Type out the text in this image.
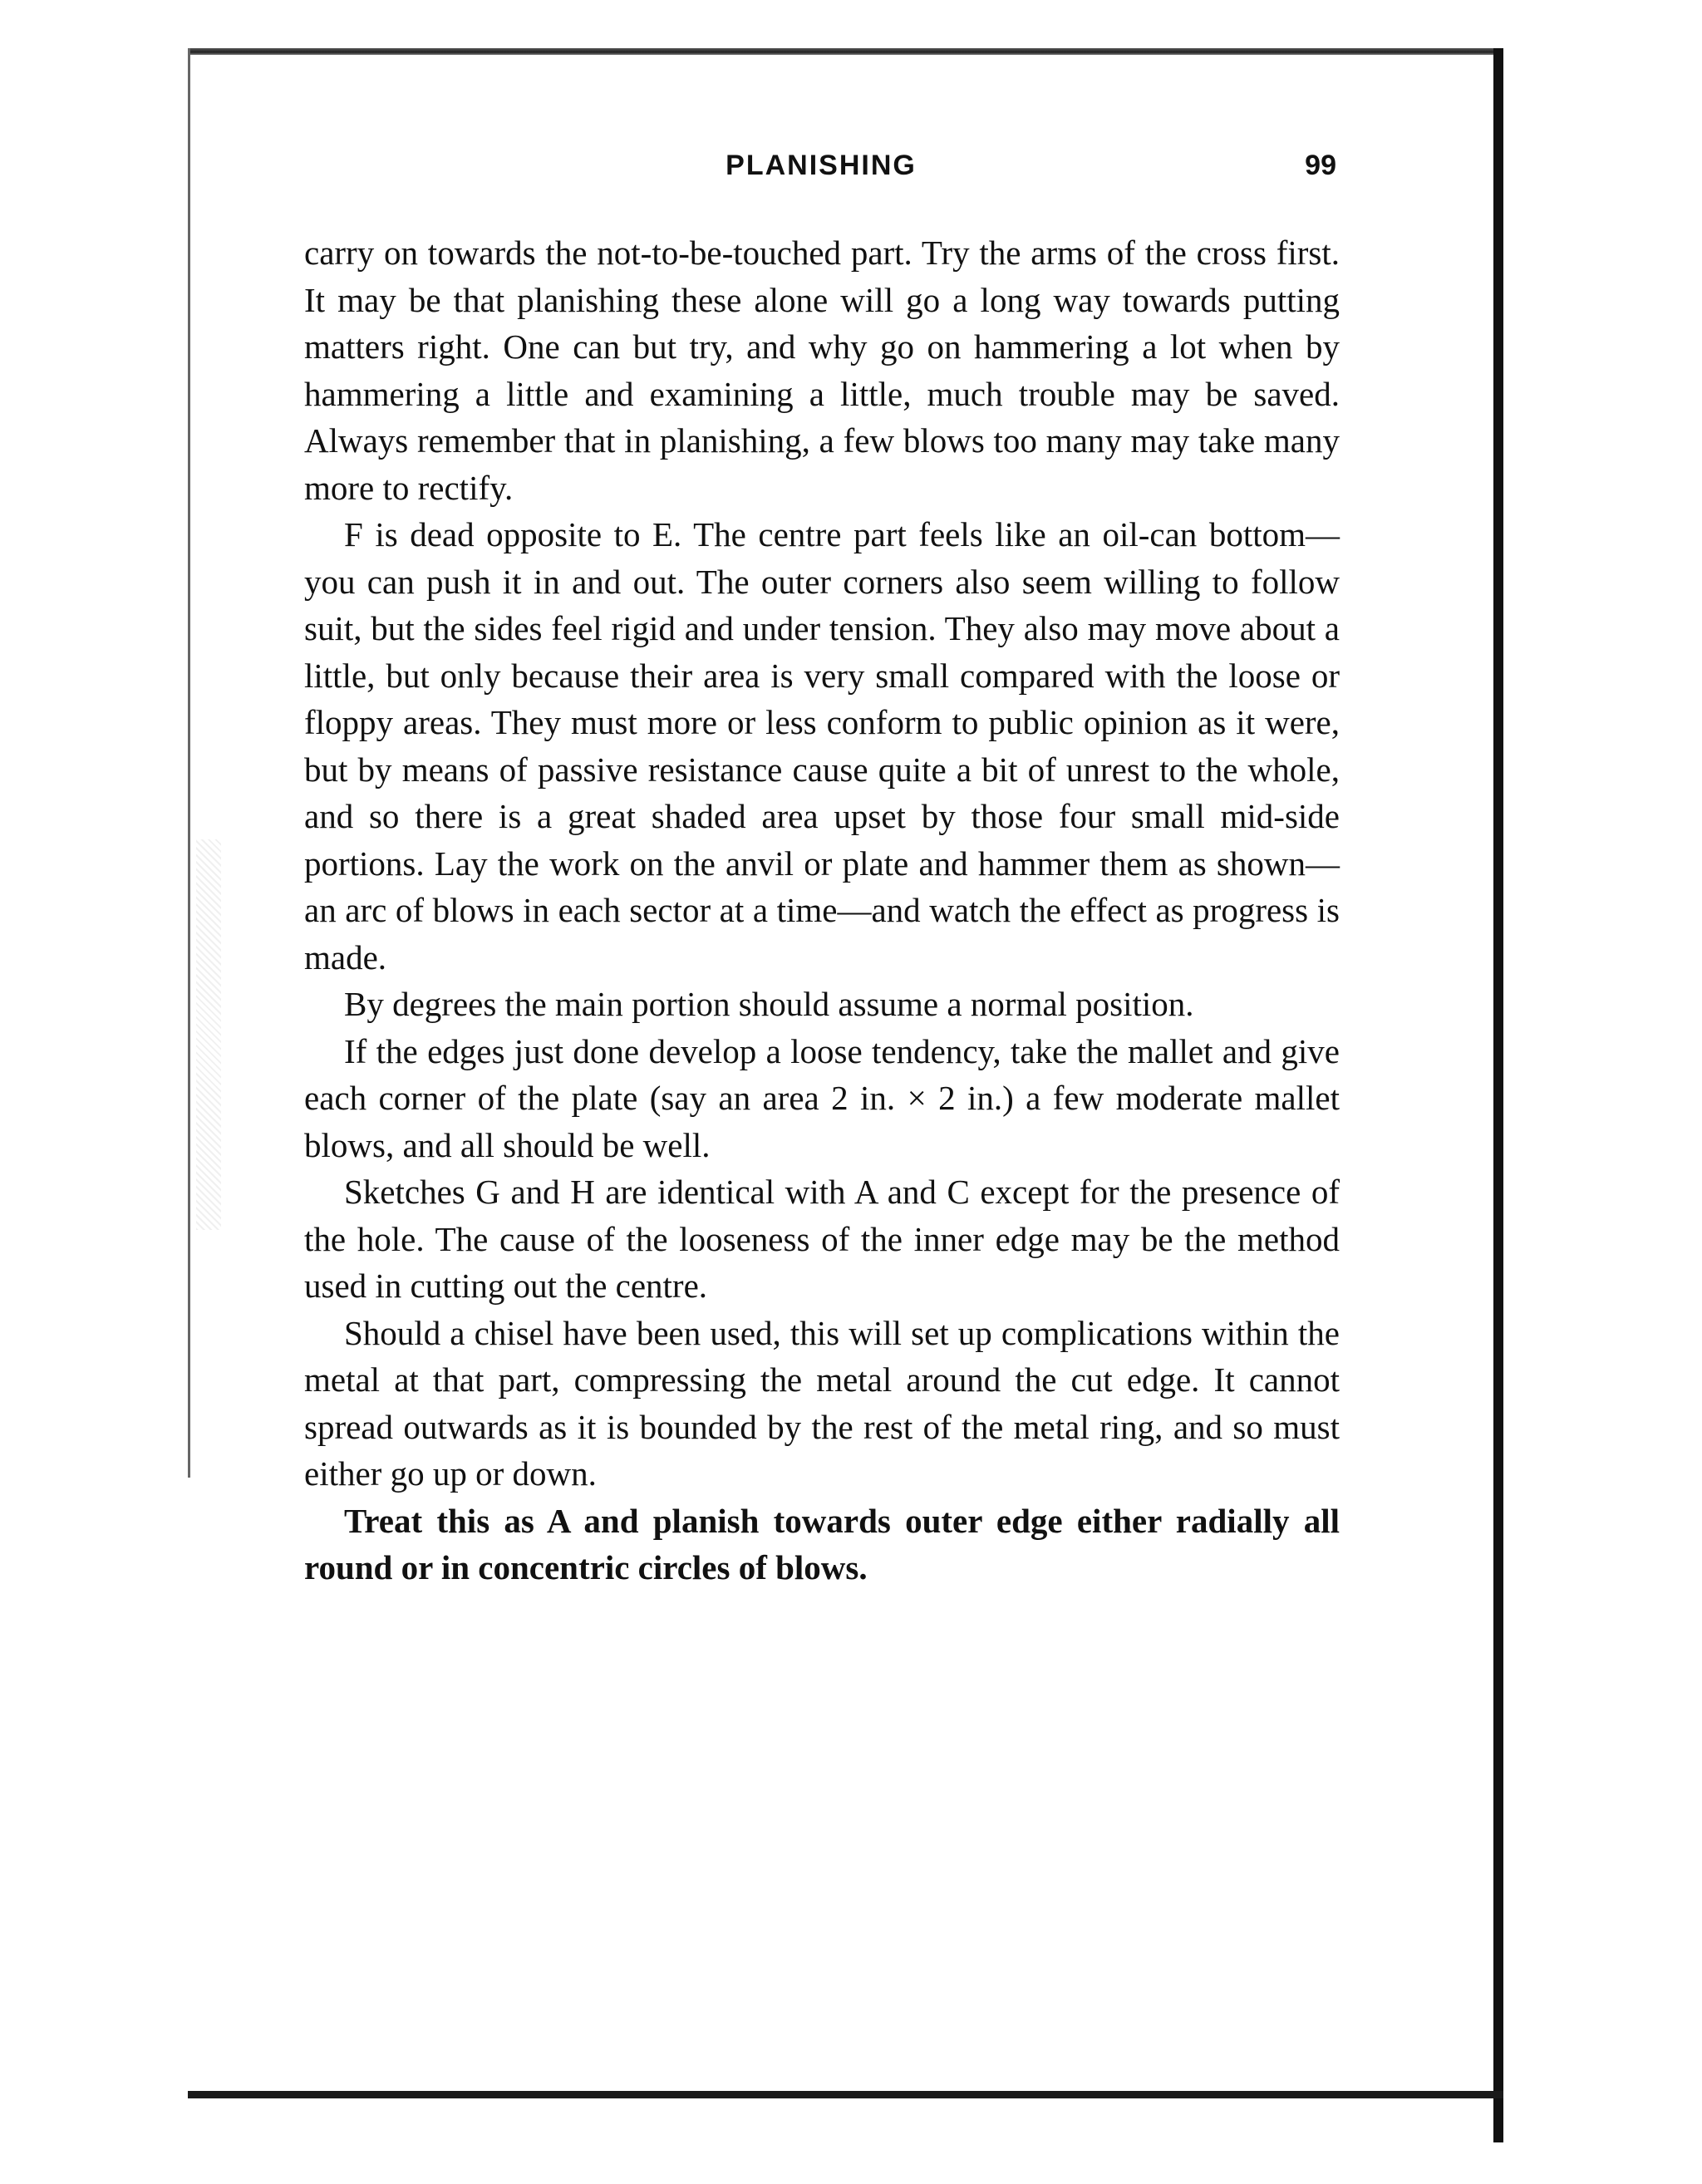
PLANISHING	99

carry on towards the not-to-be-touched part. Try the arms of the cross first. It may be that planishing these alone will go a long way towards putting matters right. One can but try, and why go on hammering a lot when by hammering a little and examining a little, much trouble may be saved. Always remember that in planishing, a few blows too many may take many more to rectify.

F is dead opposite to E. The centre part feels like an oil-can bottom—you can push it in and out. The outer corners also seem willing to follow suit, but the sides feel rigid and under tension. They also may move about a little, but only because their area is very small compared with the loose or floppy areas. They must more or less conform to public opinion as it were, but by means of passive resistance cause quite a bit of unrest to the whole, and so there is a great shaded area upset by those four small mid-side portions. Lay the work on the anvil or plate and hammer them as shown—an arc of blows in each sector at a time—and watch the effect as progress is made.

By degrees the main portion should assume a normal position.

If the edges just done develop a loose tendency, take the mallet and give each corner of the plate (say an area 2 in. × 2 in.) a few moderate mallet blows, and all should be well.

Sketches G and H are identical with A and C except for the presence of the hole. The cause of the looseness of the inner edge may be the method used in cutting out the centre.

Should a chisel have been used, this will set up complications within the metal at that part, compressing the metal around the cut edge. It cannot spread outwards as it is bounded by the rest of the metal ring, and so must either go up or down.

Treat this as A and planish towards outer edge either radially all round or in concentric circles of blows.
